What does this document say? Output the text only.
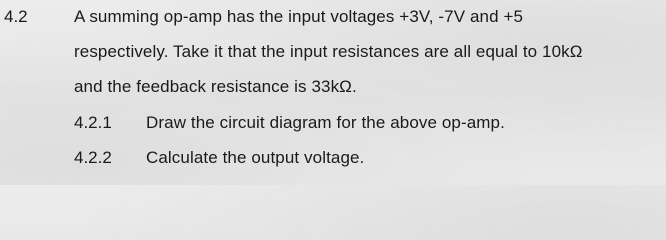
4.2	A summing op-amp has the input voltages +3V, -7V and +5
respectively. Take it that the input resistances are all equal to 10kΩ
and the feedback resistance is 33kΩ.
4.2.1 Draw the circuit diagram for the above op-amp.
4.2.2 Calculate the output voltage.
